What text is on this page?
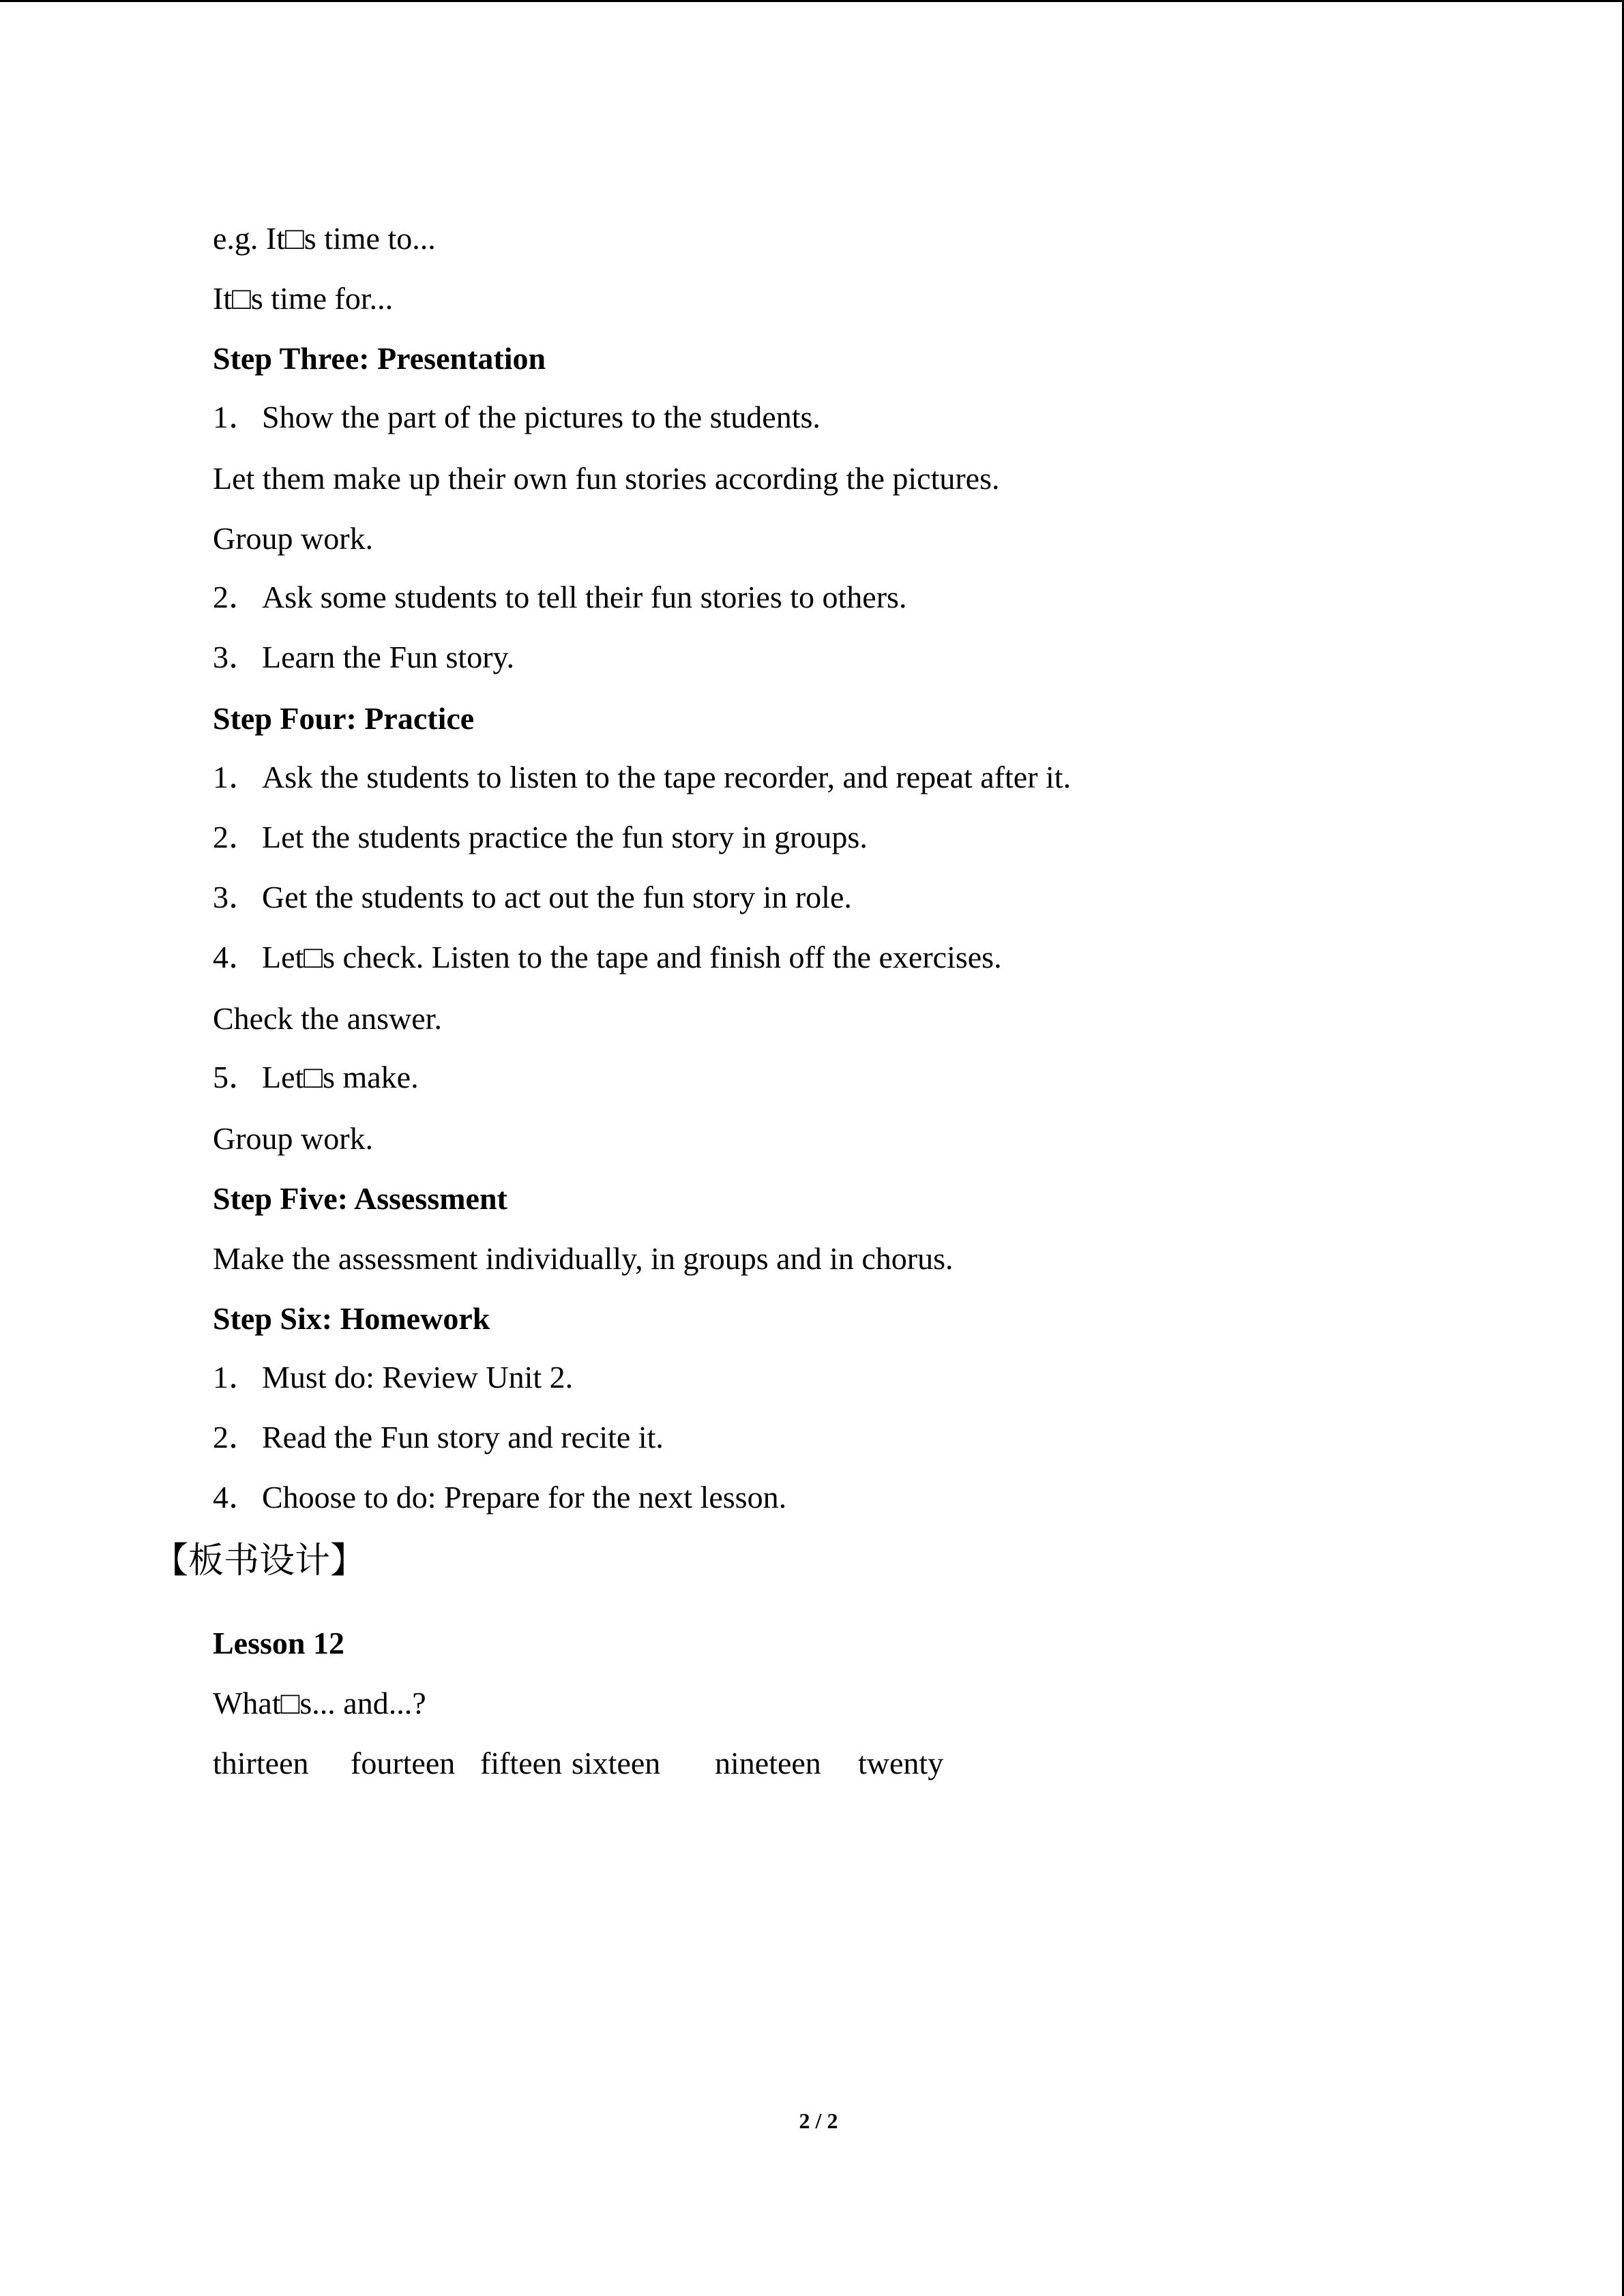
e.g. It□s time to...
It□s time for...
Step Three: Presentation
1．Show the part of the pictures to the students.
Let them make up their own fun stories according the pictures.
Group work.
2．Ask some students to tell their fun stories to others.
3．Learn the Fun story.
Step Four: Practice
1．Ask the students to listen to the tape recorder, and repeat after it.
2．Let the students practice the fun story in groups.
3．Get the students to act out the fun story in role.
4．Let□s check. Listen to the tape and finish off the exercises.
Check the answer.
5．Let□s make.
Group work.
Step Five: Assessment
Make the assessment individually, in groups and in chorus.
Step Six: Homework
1．Must do: Review Unit 2.
2．Read the Fun story and recite it.
4．Choose to do: Prepare for the next lesson.
【板书设计】
Lesson 12
What□s... and...?
thirteen fourteen fifteen sixteen nineteen twenty
2 / 2
